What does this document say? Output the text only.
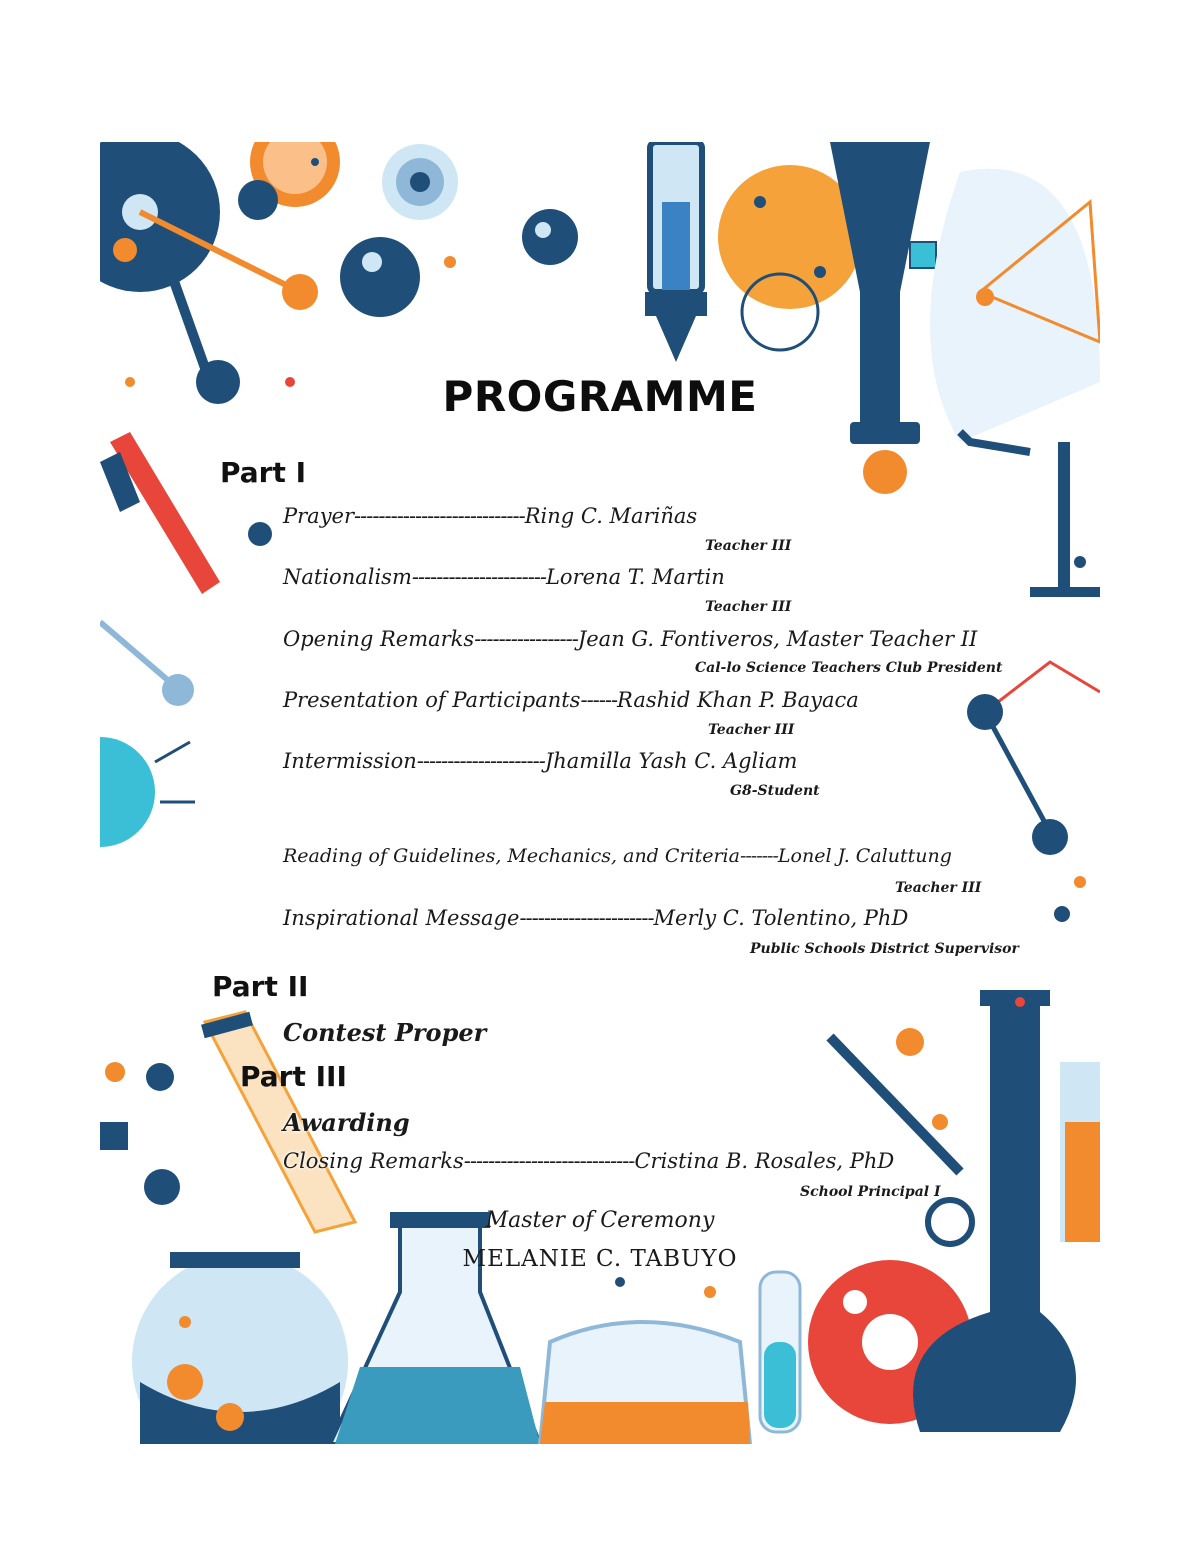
PROGRAMME
Part I
Prayer----------------------------Ring C. Mariñas
Teacher III
Nationalism----------------------Lorena T. Martin
Teacher III
Opening Remarks-----------------Jean G. Fontiveros, Master Teacher II
Cal-lo Science Teachers Club President
Presentation of Participants------Rashid Khan P. Bayaca
Teacher III
Intermission---------------------Jhamilla Yash C. Agliam
G8-Student
Reading of Guidelines, Mechanics, and Criteria-------Lonel J. Caluttung
Teacher III
Inspirational Message----------------------Merly C. Tolentino, PhD
Public Schools District Supervisor
Part II
Contest Proper
Part III
Awarding
Closing Remarks----------------------------Cristina B. Rosales, PhD
School Principal I
Master of Ceremony
MELANIE C. TABUYO
